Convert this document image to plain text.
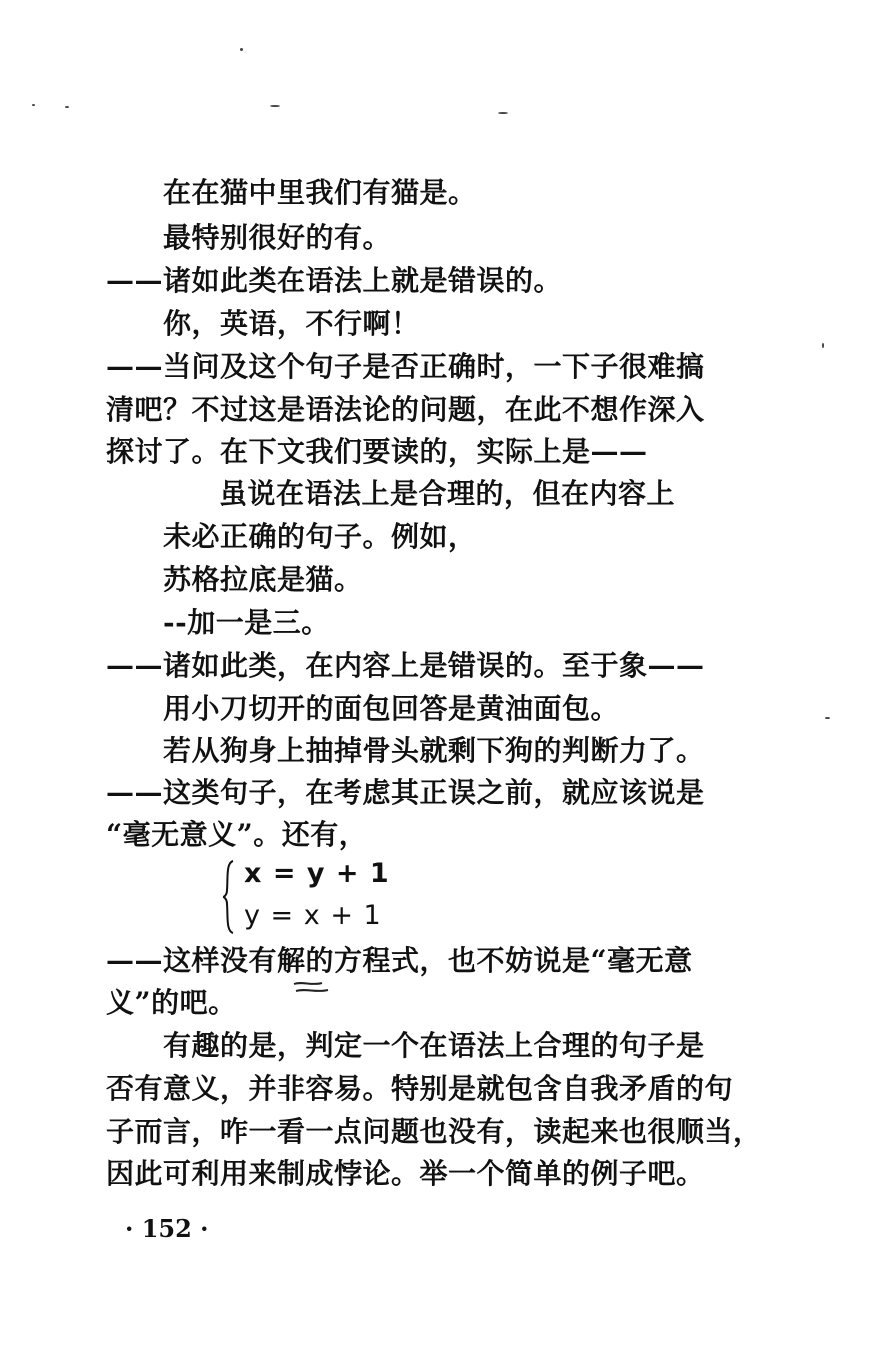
在在猫中里我们有猫是。
最特别很好的有。
——诸如此类在语法上就是错误的。
你，英语，不行啊！
——当问及这个句子是否正确时，一下子很难搞
清吧？不过这是语法论的问题，在此不想作深入
探讨了。在下文我们要读的，实际上是——
虽说在语法上是合理的，但在内容上
未必正确的句子。例如，
苏格拉底是猫。
--加一是三。
——诸如此类，在内容上是错误的。至于象——
用小刀切开的面包回答是黄油面包。
若从狗身上抽掉骨头就剩下狗的判断力了。
——这类句子，在考虑其正误之前，就应该说是
“毫无意义”。还有，
x = y + 1
y = x + 1
——这样没有解的方程式，也不妨说是“毫无意
义”的吧。
有趣的是，判定一个在语法上合理的句子是
否有意义，并非容易。特别是就包含自我矛盾的句
子而言，咋一看一点问题也没有，读起来也很顺当，
因此可利用来制成悖论。举一个简单的例子吧。
· 152 ·
